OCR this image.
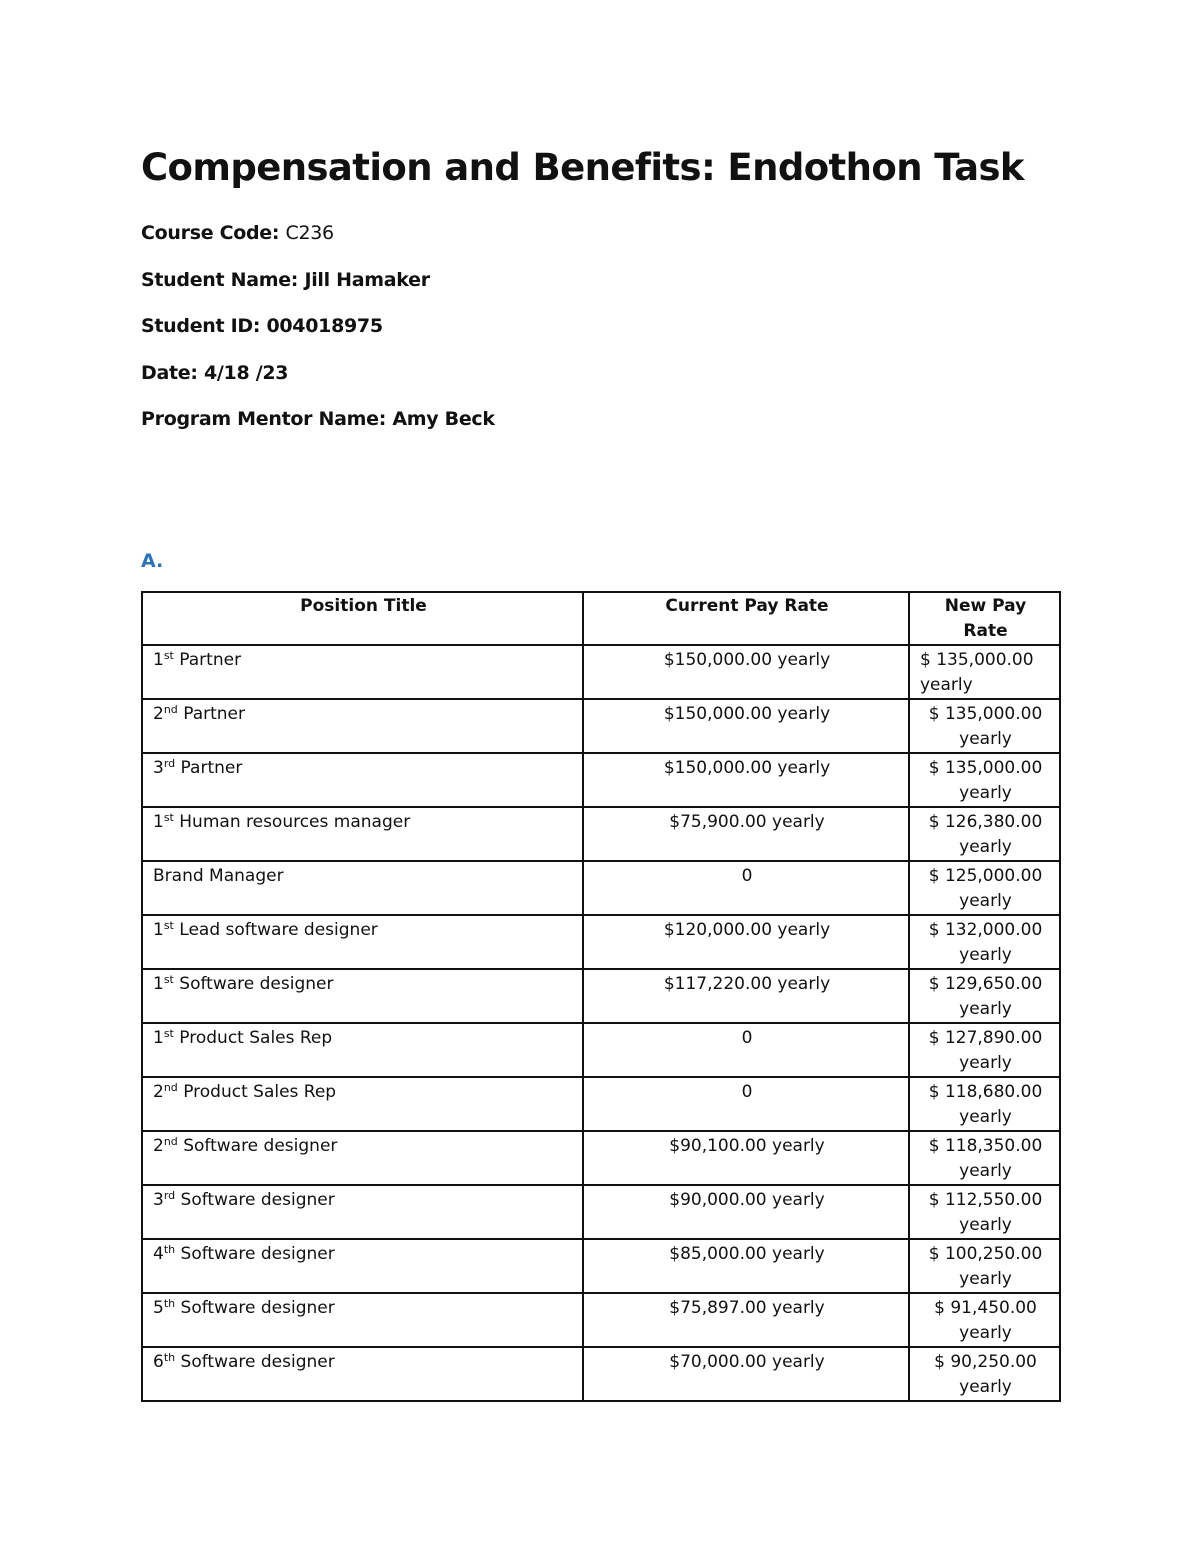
Compensation and Benefits: Endothon Task

Course Code: C236

Student Name: Jill Hamaker

Student ID: 004018975

Date: 4/18 /23

Program Mentor Name: Amy Beck

A.

Position Title	Current Pay Rate	New Pay Rate
1st Partner	$150,000.00 yearly	$ 135,000.00 yearly
2nd Partner	$150,000.00 yearly	$ 135,000.00 yearly
3rd Partner	$150,000.00 yearly	$ 135,000.00 yearly
1st Human resources manager	$75,900.00 yearly	$ 126,380.00 yearly
Brand Manager	0	$ 125,000.00 yearly
1st Lead software designer	$120,000.00 yearly	$ 132,000.00 yearly
1st Software designer	$117,220.00 yearly	$ 129,650.00 yearly
1st Product Sales Rep	0	$ 127,890.00 yearly
2nd Product Sales Rep	0	$ 118,680.00 yearly
2nd Software designer	$90,100.00 yearly	$ 118,350.00 yearly
3rd Software designer	$90,000.00 yearly	$ 112,550.00 yearly
4th Software designer	$85,000.00 yearly	$ 100,250.00 yearly
5th Software designer	$75,897.00 yearly	$ 91,450.00 yearly
6th Software designer	$70,000.00 yearly	$ 90,250.00 yearly
